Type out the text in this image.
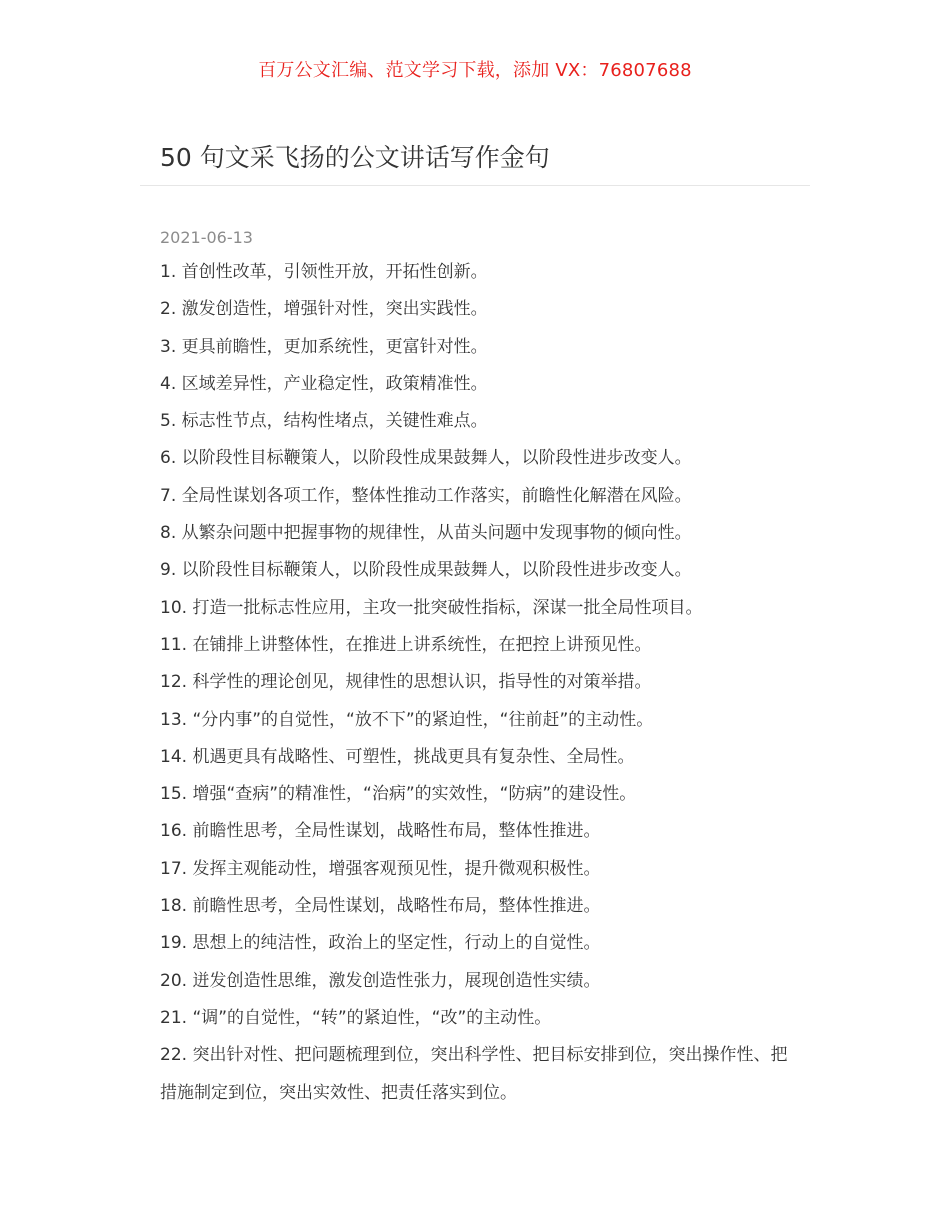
百万公文汇编、范文学习下载，添加 VX：76807688
50 句文采飞扬的公文讲话写作金句
2021-06-13
1. 首创性改革，引领性开放，开拓性创新。
2. 激发创造性，增强针对性，突出实践性。
3. 更具前瞻性，更加系统性，更富针对性。
4. 区域差异性，产业稳定性，政策精准性。
5. 标志性节点，结构性堵点，关键性难点。
6. 以阶段性目标鞭策人，以阶段性成果鼓舞人，以阶段性进步改变人。
7. 全局性谋划各项工作，整体性推动工作落实，前瞻性化解潜在风险。
8. 从繁杂问题中把握事物的规律性，从苗头问题中发现事物的倾向性。
9. 以阶段性目标鞭策人，以阶段性成果鼓舞人，以阶段性进步改变人。
10. 打造一批标志性应用，主攻一批突破性指标，深谋一批全局性项目。
11. 在铺排上讲整体性，在推进上讲系统性，在把控上讲预见性。
12. 科学性的理论创见，规律性的思想认识，指导性的对策举措。
13. “分内事”的自觉性，“放不下”的紧迫性，“往前赶”的主动性。
14. 机遇更具有战略性、可塑性，挑战更具有复杂性、全局性。
15. 增强“查病”的精准性，“治病”的实效性，“防病”的建设性。
16. 前瞻性思考，全局性谋划，战略性布局，整体性推进。
17. 发挥主观能动性，增强客观预见性，提升微观积极性。
18. 前瞻性思考，全局性谋划，战略性布局，整体性推进。
19. 思想上的纯洁性，政治上的坚定性，行动上的自觉性。
20. 迸发创造性思维，激发创造性张力，展现创造性实绩。
21. “调”的自觉性，“转”的紧迫性，“改”的主动性。
22. 突出针对性、把问题梳理到位，突出科学性、把目标安排到位，突出操作性、把措施制定到位，突出实效性、把责任落实到位。
